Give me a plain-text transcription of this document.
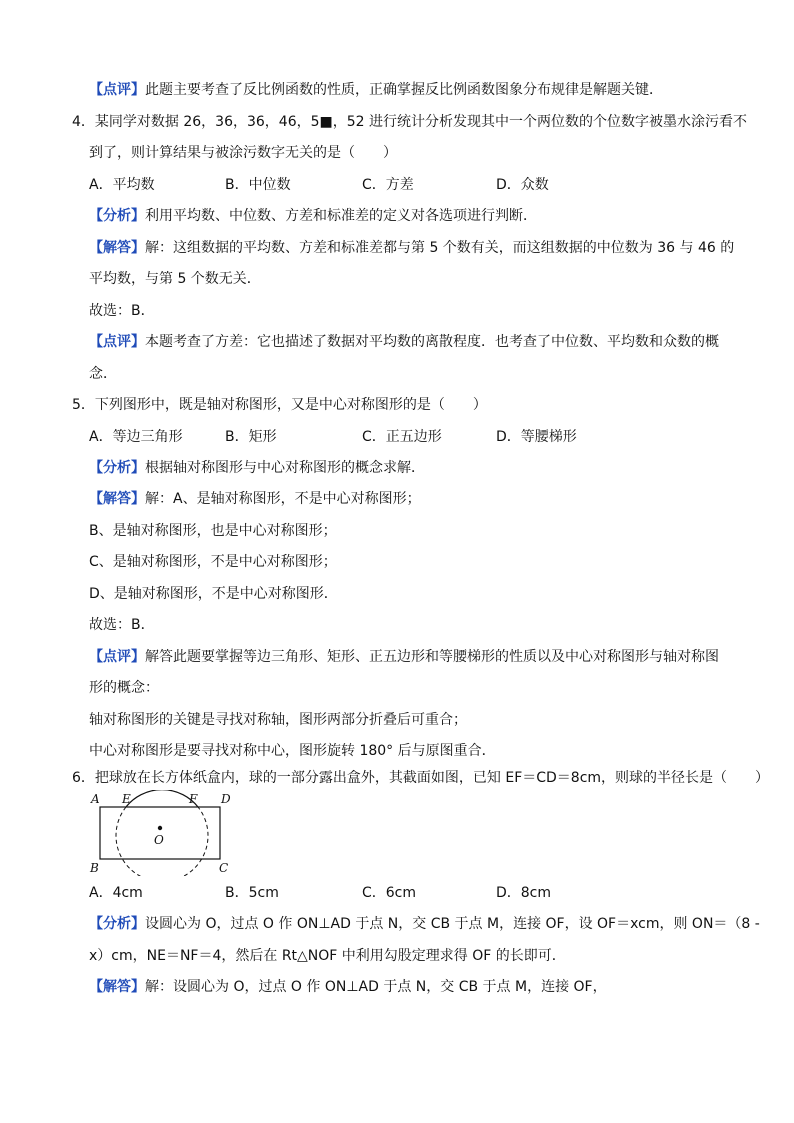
【点评】此题主要考查了反比例函数的性质，正确掌握反比例函数图象分布规律是解题关键．
4．某同学对数据 26，36，36，46，5■，52 进行统计分析发现其中一个两位数的个位数字被墨水涂污看不
到了，则计算结果与被涂污数字无关的是（　　）
A．平均数	B．中位数	C．方差	D．众数
【分析】利用平均数、中位数、方差和标准差的定义对各选项进行判断．
【解答】解：这组数据的平均数、方差和标准差都与第 5 个数有关，而这组数据的中位数为 36 与 46 的
平均数，与第 5 个数无关．
故选：B．
【点评】本题考查了方差：它也描述了数据对平均数的离散程度．也考查了中位数、平均数和众数的概
念．
5．下列图形中，既是轴对称图形，又是中心对称图形的是（　　）
A．等边三角形	B．矩形	C．正五边形	D．等腰梯形
【分析】根据轴对称图形与中心对称图形的概念求解．
【解答】解：A、是轴对称图形，不是中心对称图形；
B、是轴对称图形，也是中心对称图形；
C、是轴对称图形，不是中心对称图形；
D、是轴对称图形，不是中心对称图形．
故选：B．
【点评】解答此题要掌握等边三角形、矩形、正五边形和等腰梯形的性质以及中心对称图形与轴对称图
形的概念：
轴对称图形的关键是寻找对称轴，图形两部分折叠后可重合；
中心对称图形是要寻找对称中心，图形旋转 180° 后与原图重合．
6．把球放在长方体纸盒内，球的一部分露出盒外，其截面如图，已知 EF＝CD＝8cm，则球的半径长是（　　）
A E	F D
O
B	C
A．4cm	B．5cm	C．6cm	D．8cm
【分析】设圆心为 O，过点 O 作 ON⊥AD 于点 N，交 CB 于点 M，连接 OF，设 OF＝xcm，则 ON＝（8 -
x）cm，NE＝NF＝4，然后在 Rt△NOF 中利用勾股定理求得 OF 的长即可．
【解答】解：设圆心为 O，过点 O 作 ON⊥AD 于点 N，交 CB 于点 M，连接 OF，
